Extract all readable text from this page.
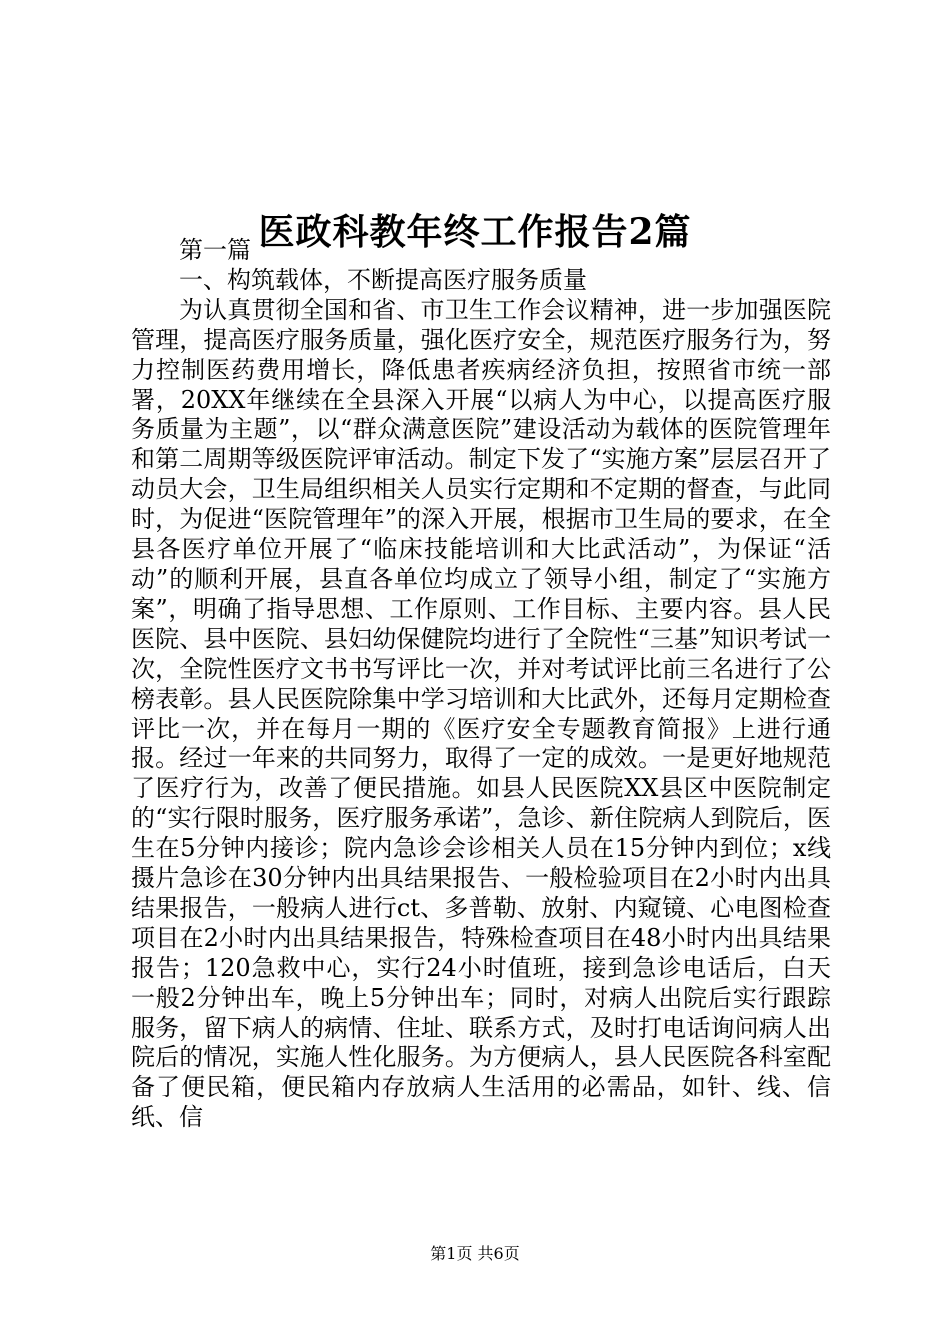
医政科教年终工作报告2篇

第一篇

一、构筑载体，不断提高医疗服务质量

为认真贯彻全国和省、市卫生工作会议精神，进一步加强医院管理，提高医疗服务质量，强化医疗安全，规范医疗服务行为，努力控制医药费用增长，降低患者疾病经济负担，按照省市统一部署，20XX年继续在全县深入开展“以病人为中心，以提高医疗服务质量为主题”，以“群众满意医院”建设活动为载体的医院管理年和第二周期等级医院评审活动。制定下发了“实施方案”层层召开了动员大会，卫生局组织相关人员实行定期和不定期的督查，与此同时，为促进“医院管理年”的深入开展，根据市卫生局的要求，在全县各医疗单位开展了“临床技能培训和大比武活动”，为保证“活动”的顺利开展，县直各单位均成立了领导小组，制定了“实施方案”，明确了指导思想、工作原则、工作目标、主要内容。县人民医院、县中医院、县妇幼保健院均进行了全院性“三基”知识考试一次，全院性医疗文书书写评比一次，并对考试评比前三名进行了公榜表彰。县人民医院除集中学习培训和大比武外，还每月定期检查评比一次，并在每月一期的《医疗安全专题教育简报》上进行通报。经过一年来的共同努力，取得了一定的成效。一是更好地规范了医疗行为，改善了便民措施。如县人民医院XX县区中医院制定的“实行限时服务，医疗服务承诺”，急诊、新住院病人到院后，医生在5分钟内接诊；院内急诊会诊相关人员在15分钟内到位；x线摄片急诊在30分钟内出具结果报告、一般检验项目在2小时内出具结果报告，一般病人进行ct、多普勒、放射、内窥镜、心电图检查项目在2小时内出具结果报告，特殊检查项目在48小时内出具结果报告；120急救中心，实行24小时值班，接到急诊电话后，白天一般2分钟出车，晚上5分钟出车；同时，对病人出院后实行跟踪服务，留下病人的病情、住址、联系方式，及时打电话询问病人出院后的情况，实施人性化服务。为方便病人，县人民医院各科室配备了便民箱，便民箱内存放病人生活用的必需品，如针、线、信纸、信

第1页 共6页
